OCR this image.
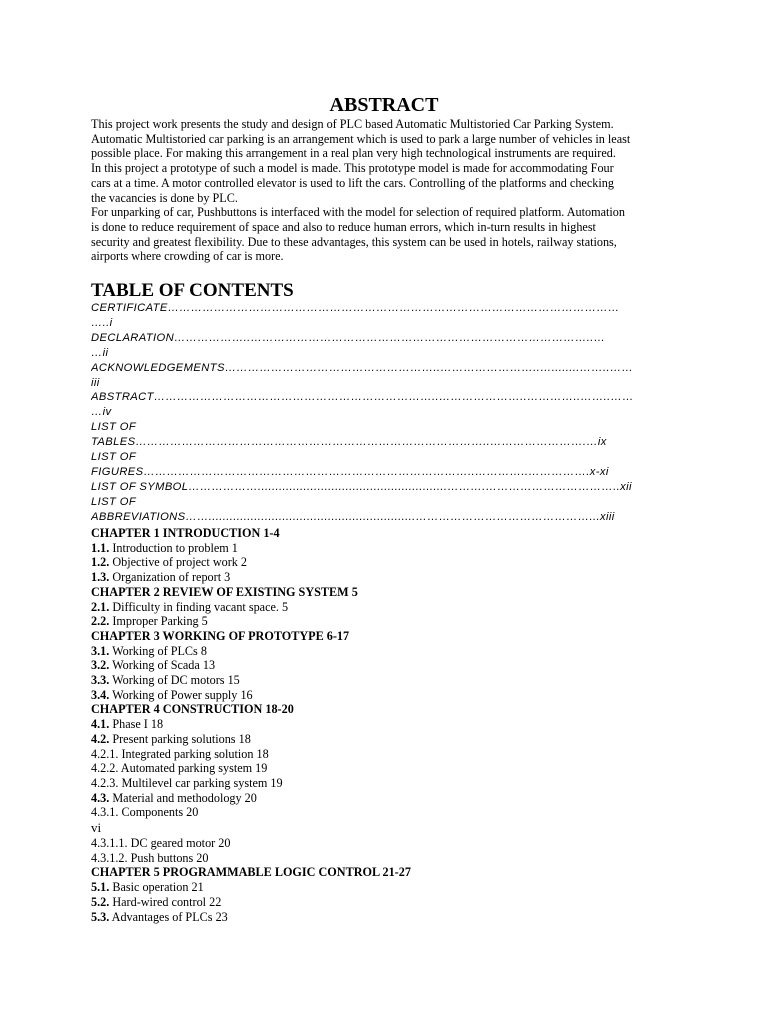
ABSTRACT
This project work presents the study and design of PLC based Automatic Multistoried Car Parking System.
Automatic Multistoried car parking is an arrangement which is used to park a large number of vehicles in least
possible place. For making this arrangement in a real plan very high technological instruments are required.
In this project a prototype of such a model is made. This prototype model is made for accommodating Four
cars at a time. A motor controlled elevator is used to lift the cars. Controlling of the platforms and checking
the vacancies is done by PLC.
For unparking of car, Pushbuttons is interfaced with the model for selection of required platform. Automation
is done to reduce requirement of space and also to reduce human errors, which in-turn results in highest
security and greatest flexibility. Due to these advantages, this system can be used in hotels, railway stations,
airports where crowding of car is more.
TABLE OF CONTENTS
CERTIFICATE………………………………………………………………………………………………………
…..i
DECLARATION………………..……………………………………………………………………………..…
…ii
ACKNOWLEDGEMENTS………………………………………………..……………………..…........……..……
iii
ABSTRACT………………………………………………………………..…………………..…………..……..……
…iv
LIST OF
TABLES………………………………………………………………………………..…………………….…ix
LIST OF
FIGURES…………………………………………………………………………..…………..…………….x-xi
LIST OF SYMBOL………………......................................................……….……………………………..xii
LIST OF
ABBREVIATIONS……...........................................................………………………………………...xiii
CHAPTER 1 INTRODUCTION 1-4
1.1. Introduction to problem 1
1.2. Objective of project work 2
1.3. Organization of report 3
CHAPTER 2 REVIEW OF EXISTING SYSTEM 5
2.1. Difficulty in finding vacant space. 5
2.2. Improper Parking 5
CHAPTER 3 WORKING OF PROTOTYPE 6-17
3.1. Working of PLCs 8
3.2. Working of Scada 13
3.3. Working of DC motors 15
3.4. Working of Power supply 16
CHAPTER 4 CONSTRUCTION 18-20
4.1. Phase I 18
4.2. Present parking solutions 18
4.2.1. Integrated parking solution 18
4.2.2. Automated parking system 19
4.2.3. Multilevel car parking system 19
4.3. Material and methodology 20
4.3.1. Components 20
vi
4.3.1.1. DC geared motor 20
4.3.1.2. Push buttons 20
CHAPTER 5 PROGRAMMABLE LOGIC CONTROL 21-27
5.1. Basic operation 21
5.2. Hard-wired control 22
5.3. Advantages of PLCs 23
